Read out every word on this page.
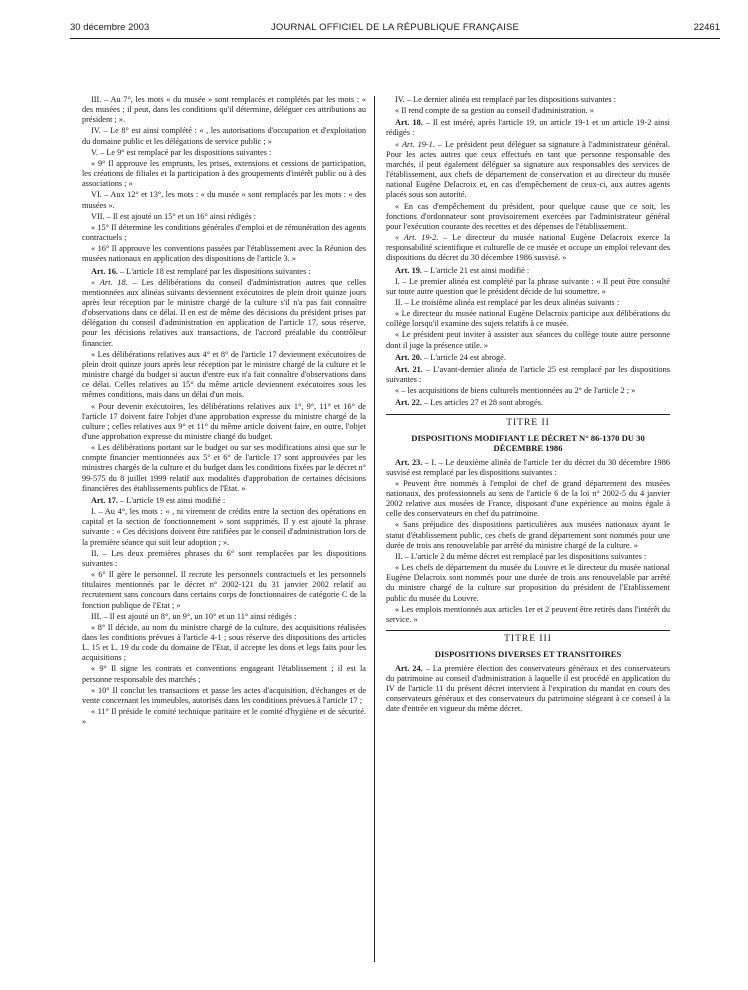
30 décembre 2003	JOURNAL OFFICIEL DE LA RÉPUBLIQUE FRANÇAISE	22461

III. – Au 7°, les mots « du musée » sont remplacés et complétés par les mots : « des musées ; il peut, dans les conditions qu'il détermine, déléguer ces attributions au président ; ».

IV. – Le 8° est ainsi complété : « , les autorisations d'occupation et d'exploitation du domaine public et les délégations de service public ; »

V. – Le 9° est remplacé par les dispositions suivantes :

« 9° Il approuve les emprunts, les prises, extensions et cessions de participation, les créations de filiales et la participation à des groupements d'intérêt public ou à des associations ; »

VI. – Aux 12° et 13°, les mots : « du musée » sont remplacés par les mots : « des musées ».

VII. – Il est ajouté un 15° et un 16° ainsi rédigés :

« 15° Il détermine les conditions générales d'emploi et de rémunération des agents contractuels ;

« 16° Il approuve les conventions passées par l'établissement avec la Réunion des musées nationaux en application des dispositions de l'article 3. »

Art. 16. – L'article 18 est remplacé par les dispositions suivantes :

« Art. 18. – Les délibérations du conseil d'administration autres que celles mentionnées aux alinéas suivants deviennent exécutoires de plein droit quinze jours après leur réception par le ministre chargé de la culture s'il n'a pas fait connaître d'observations dans ce délai. Il en est de même des décisions du président prises par délégation du conseil d'administration en application de l'article 17, sous réserve, pour les décisions relatives aux transactions, de l'accord préalable du contrôleur financier.

« Les délibérations relatives aux 4° et 8° de l'article 17 deviennent exécutoires de plein droit quinze jours après leur réception par le ministre chargé de la culture et le ministre chargé du budget si aucun d'entre eux n'a fait connaître d'observations dans ce délai. Celles relatives au 15° du même article deviennent exécutoires sous les mêmes conditions, mais dans un délai d'un mois.

« Pour devenir exécutoires, les délibérations relatives aux 1°, 9°, 11° et 16° de l'article 17 doivent faire l'objet d'une approbation expresse du ministre chargé de la culture ; celles relatives aux 9° et 11° du même article doivent faire, en outre, l'objet d'une approbation expresse du ministre chargé du budget.

« Les délibérations portant sur le budget ou sur ses modifications ainsi que sur le compte financier mentionnées aux 5° et 6° de l'article 17 sont approuvées par les ministres chargés de la culture et du budget dans les conditions fixées par le décret n° 99-575 du 8 juillet 1999 relatif aux modalités d'approbation de certaines décisions financières des établissements publics de l'Etat. »

Art. 17. – L'article 19 est ainsi modifié :

I. – Au 4°, les mots : « , ni virement de crédits entre la section des opérations en capital et la section de fonctionnement » sont supprimés. Il y est ajouté la phrase suivante : « Ces décisions doivent être ratifiées par le conseil d'administration lors de la première séance qui suit leur adoption ; ».

II. – Les deux premières phrases du 6° sont remplacées par les dispositions suivantes :

« 6° Il gère le personnel. Il recrute les personnels contractuels et les personnels titulaires mentionnés par le décret n° 2002-121 du 31 janvier 2002 relatif au recrutement sans concours dans certains corps de fonctionnaires de catégorie C de la fonction publique de l'Etat ; »

III. – Il est ajouté un 8°, un 9°, un 10° et un 11° ainsi rédigés :

« 8° Il décide, au nom du ministre chargé de la culture, des acquisitions réalisées dans les conditions prévues à l'article 4-1 ; sous réserve des dispositions des articles L. 15 et L. 19 du code du domaine de l'Etat, il accepte les dons et legs faits pour les acquisitions ;

« 9° Il signe les contrats et conventions engageant l'établissement ; il est la personne responsable des marchés ;

« 10° Il conclut les transactions et passe les actes d'acquisition, d'échanges et de vente concernant les immeubles, autorisés dans les conditions prévues à l'article 17 ;

« 11° Il préside le comité technique paritaire et le comité d'hygiène et de sécurité. »

IV. – Le dernier alinéa est remplacé par les dispositions suivantes :

« Il rend compte de sa gestion au conseil d'administration. »

Art. 18. – Il est inséré, après l'article 19, un article 19-1 et un article 19-2 ainsi rédigés :

« Art. 19-1. – Le président peut déléguer sa signature à l'administrateur général. Pour les actes autres que ceux effectués en tant que personne responsable des marchés, il peut également déléguer sa signature aux responsables des services de l'établissement, aux chefs de département de conservation et au directeur du musée national Eugène Delacroix et, en cas d'empêchement de ceux-ci, aux autres agents placés sous son autorité.

« En cas d'empêchement du président, pour quelque cause que ce soit, les fonctions d'ordonnateur sont provisoirement exercées par l'administrateur général pour l'exécution courante des recettes et des dépenses de l'établissement.

« Art. 19-2. – Le directeur du musée national Eugène Delacroix exerce la responsabilité scientifique et culturelle de ce musée et occupe un emploi relevant des dispositions du décret du 30 décembre 1986 susvisé. »

Art. 19. – L'article 21 est ainsi modifié :

I. – Le premier alinéa est complété par la phrase suivante : « Il peut être consulté sur toute autre question que le président décide de lui soumettre. »

II. – Le troisième alinéa est remplacé par les deux alinéas suivants :

« Le directeur du musée national Eugène Delacroix participe aux délibérations du collège lorsqu'il examine des sujets relatifs à ce musée.

« Le président peut inviter à assister aux séances du collège toute autre personne dont il juge la présence utile. »

Art. 20. – L'article 24 est abrogé.

Art. 21. – L'avant-dernier alinéa de l'article 25 est remplacé par les dispositions suivantes :

« – les acquisitions de biens culturels mentionnées au 2° de l'article 2 ; »

Art. 22. – Les articles 27 et 28 sont abrogés.

TITRE II

DISPOSITIONS MODIFIANT LE DÉCRET N° 86-1370 DU 30 DÉCEMBRE 1986

Art. 23. – I. – Le deuxième alinéa de l'article 1er du décret du 30 décembre 1986 susvisé est remplacé par les dispositions suivantes :

« Peuvent être nommés à l'emploi de chef de grand département des musées nationaux, des professionnels au sens de l'article 6 de la loi n° 2002-5 du 4 janvier 2002 relative aux musées de France, disposant d'une expérience au moins égale à celle des conservateurs en chef du patrimoine.

« Sans préjudice des dispositions particulières aux musées nationaux ayant le statut d'établissement public, ces chefs de grand département sont nommés pour une durée de trois ans renouvelable par arrêté du ministre chargé de la culture. »

II. – L'article 2 du même décret est remplacé par les dispositions suivantes :

« Les chefs de département du musée du Louvre et le directeur du musée national Eugène Delacroix sont nommés pour une durée de trois ans renouvelable par arrêté du ministre chargé de la culture sur proposition du président de l'Etablissement public du musée du Louvre.

« Les emplois mentionnés aux articles 1er et 2 peuvent être retirés dans l'intérêt du service. »

TITRE III

DISPOSITIONS DIVERSES ET TRANSITOIRES

Art. 24. – La première élection des conservateurs généraux et des conservateurs du patrimoine au conseil d'administration à laquelle il est procédé en application du IV de l'article 11 du présent décret intervient à l'expiration du mandat en cours des conservateurs généraux et des conservateurs du patrimoine siégeant à ce conseil à la date d'entrée en vigueur du même décret.
